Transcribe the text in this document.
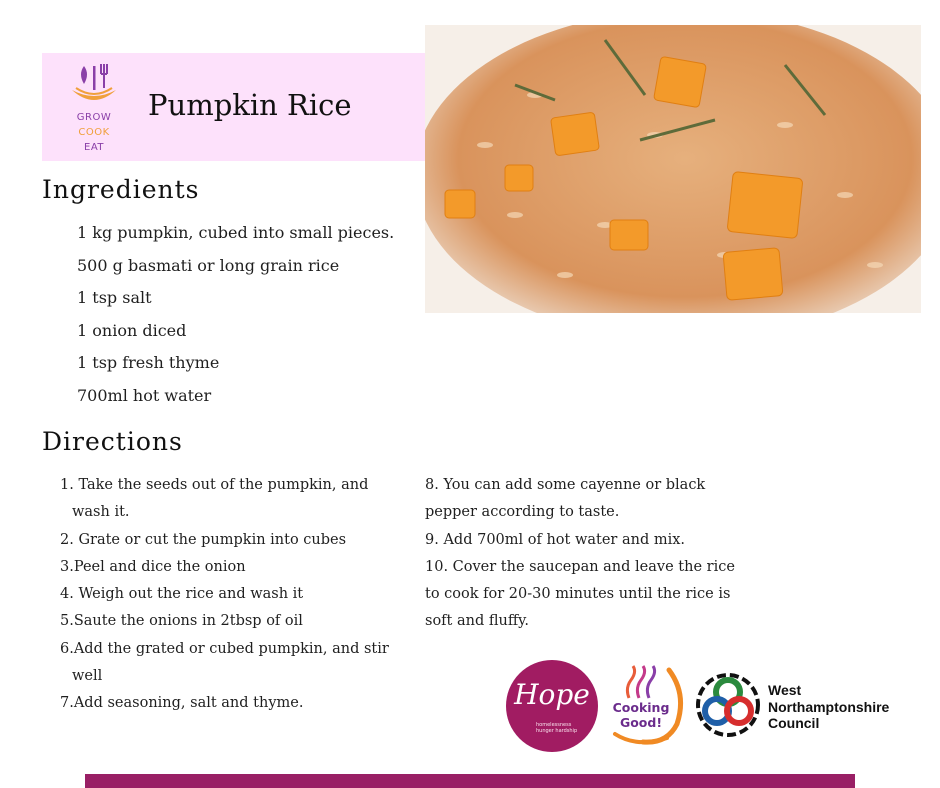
GROW
COOK
EAT
Pumpkin Rice
Ingredients
1 kg pumpkin, cubed into small pieces.
500 g basmati or long grain rice
1 tsp salt
1 onion diced
1 tsp fresh thyme
700ml hot water
Directions
1. Take the seeds out of the pumpkin, and
wash it.
2. Grate or cut the pumpkin into cubes
3.Peel and dice the onion
4. Weigh out the rice and wash it
5.Saute the onions in 2tbsp of oil
6.Add the grated or cubed pumpkin, and stir
well
7.Add seasoning, salt and thyme.
8. You can add some cayenne or black
pepper according to taste.
9. Add 700ml of hot water and mix.
10. Cover the saucepan and leave the rice
to cook for 20-30 minutes until the rice is
soft and fluffy.
Hope
homelessness hunger hardship
Cooking
Good!
West
Northamptonshire
Council
